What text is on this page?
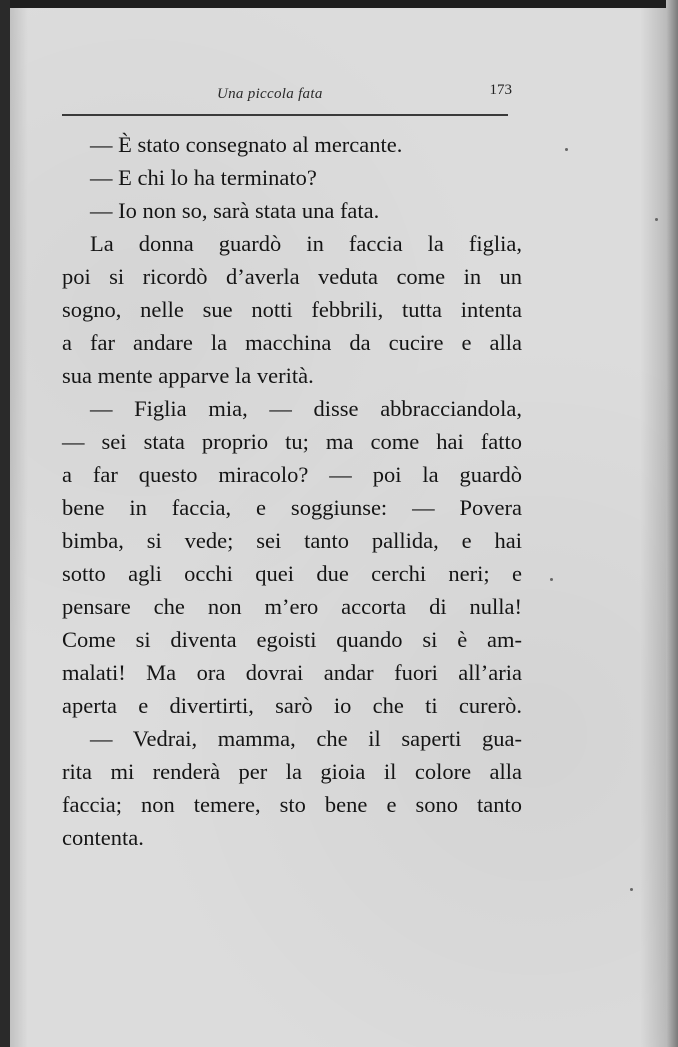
Una piccola fata	173
— È stato consegnato al mercante.
— E chi lo ha terminato?
— Io non so, sarà stata una fata.
La donna guardò in faccia la figlia,
poi si ricordò d’averla veduta come in un
sogno, nelle sue notti febbrili, tutta intenta
a far andare la macchina da cucire e alla
sua mente apparve la verità.
— Figlia mia, — disse abbracciandola,
— sei stata proprio tu; ma come hai fatto
a far questo miracolo? — poi la guardò
bene in faccia, e soggiunse: — Povera
bimba, si vede; sei tanto pallida, e hai
sotto agli occhi quei due cerchi neri; e
pensare che non m’ero accorta di nulla!
Come si diventa egoisti quando si è am-
malati! Ma ora dovrai andar fuori all’aria
aperta e divertirti, sarò io che ti curerò.
— Vedrai, mamma, che il saperti gua-
rita mi renderà per la gioia il colore alla
faccia; non temere, sto bene e sono tanto
contenta.
